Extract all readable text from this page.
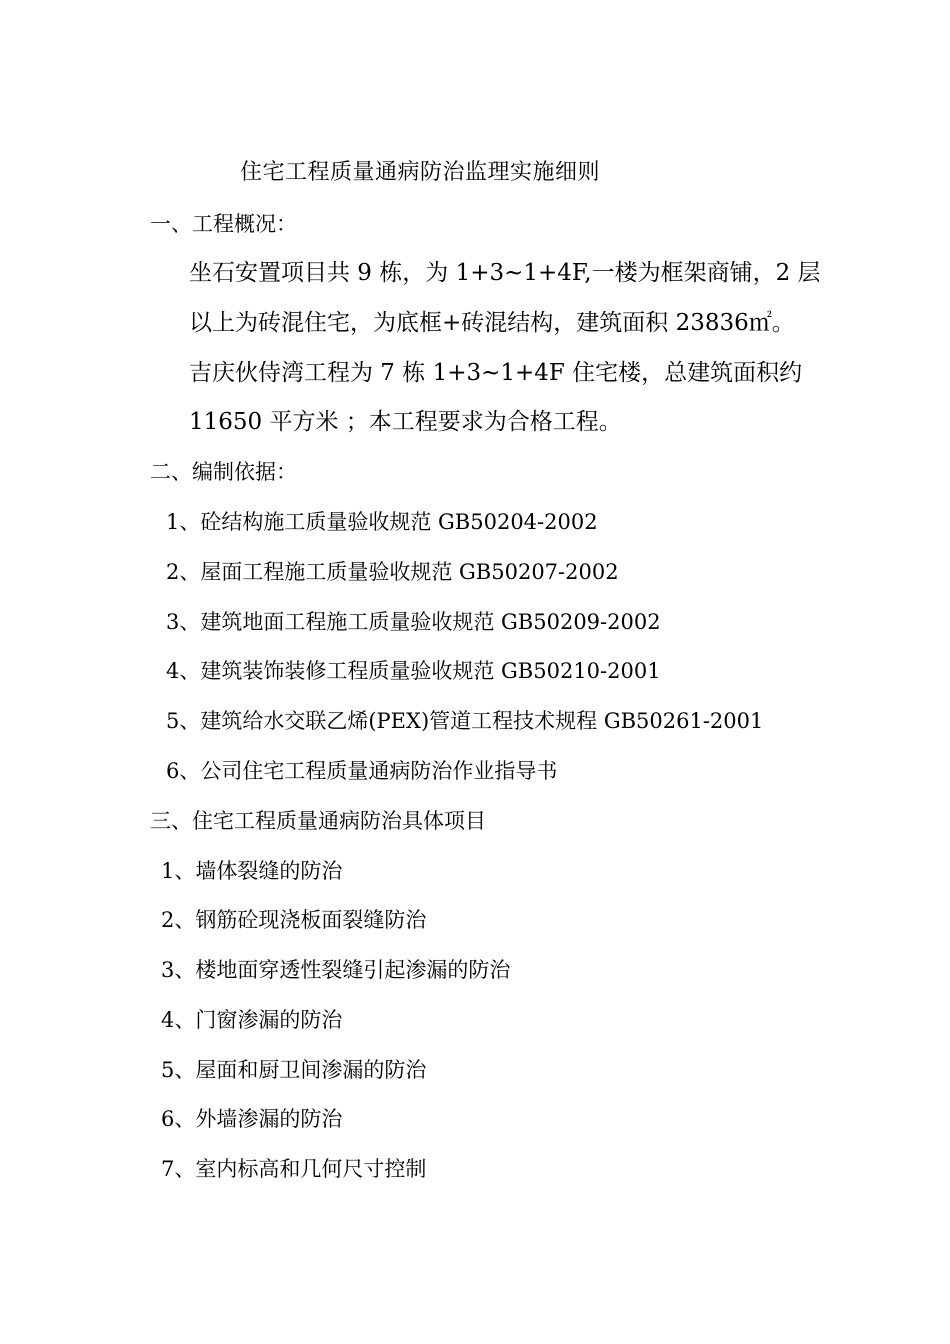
住宅工程质量通病防治监理实施细则
一、工程概况：
坐石安置项目共 9 栋，为 1+3~1+4F,一楼为框架商铺，2 层
以上为砖混住宅，为底框+砖混结构，建筑面积 23836㎡。
吉庆伙侍湾工程为 7 栋 1+3~1+4F 住宅楼，总建筑面积约
11650 平方米 ；本工程要求为合格工程。
二、编制依据：
1、砼结构施工质量验收规范 GB50204-2002
2、屋面工程施工质量验收规范 GB50207-2002
3、建筑地面工程施工质量验收规范 GB50209-2002
4、建筑装饰装修工程质量验收规范 GB50210-2001
5、建筑给水交联乙烯(PEX)管道工程技术规程 GB50261-2001
6、公司住宅工程质量通病防治作业指导书
三、住宅工程质量通病防治具体项目
1、墙体裂缝的防治
2、钢筋砼现浇板面裂缝防治
3、楼地面穿透性裂缝引起渗漏的防治
4、门窗渗漏的防治
5、屋面和厨卫间渗漏的防治
6、外墙渗漏的防治
7、室内标高和几何尺寸控制
